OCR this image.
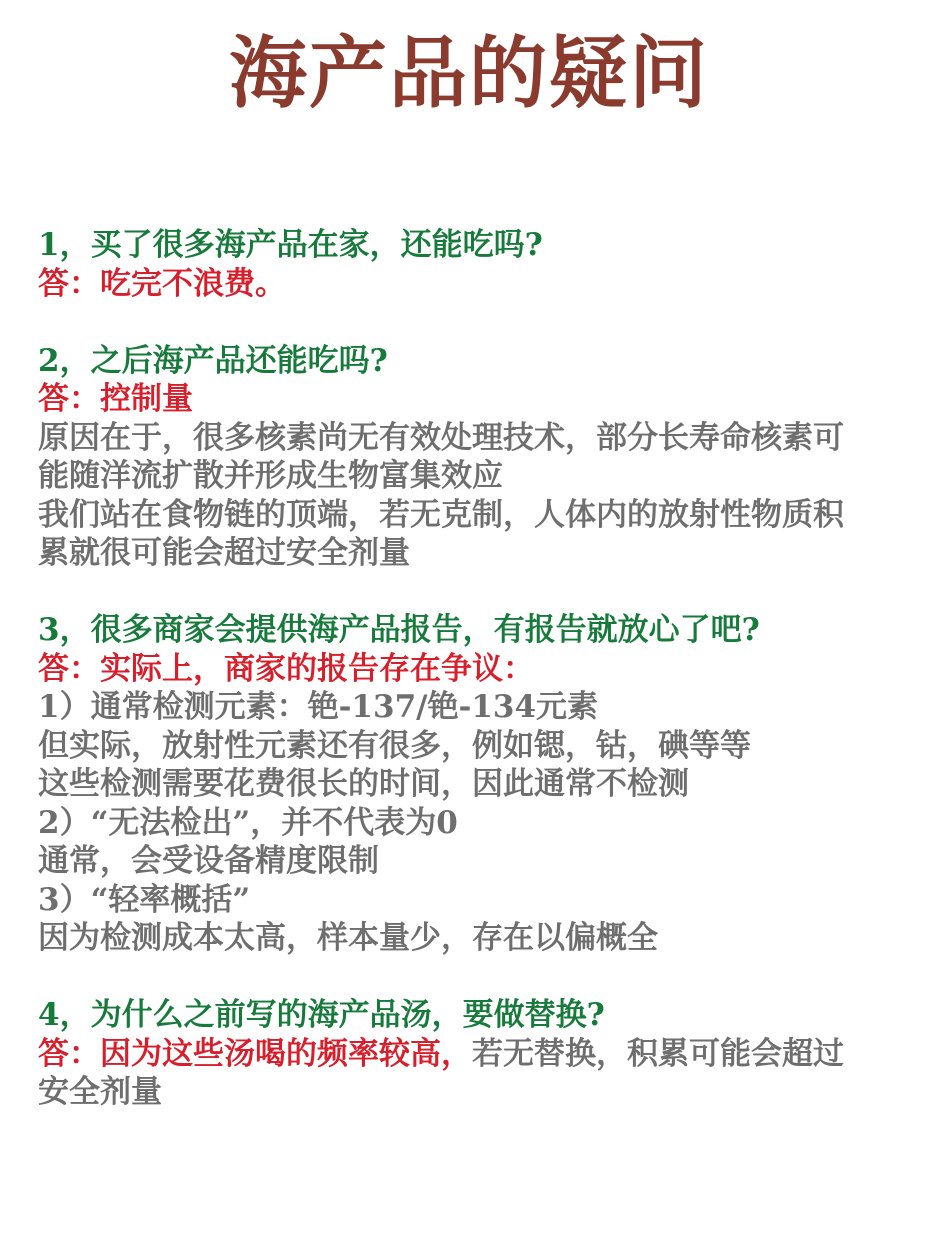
海产品的疑问
1，买了很多海产品在家，还能吃吗?
答：吃完不浪费。
2，之后海产品还能吃吗?
答：控制量
原因在于，很多核素尚无有效处理技术，部分长寿命核素可
能随洋流扩散并形成生物富集效应
我们站在食物链的顶端，若无克制，人体内的放射性物质积
累就很可能会超过安全剂量
3，很多商家会提供海产品报告，有报告就放心了吧?
答：实际上，商家的报告存在争议：
1）通常检测元素：铯-137/铯-134元素
但实际，放射性元素还有很多，例如锶，钴，碘等等
这些检测需要花费很长的时间，因此通常不检测
2）“无法检出”，并不代表为0
通常，会受设备精度限制
3）“轻率概括”
因为检测成本太高，样本量少，存在以偏概全
4，为什么之前写的海产品汤，要做替换?
答：因为这些汤喝的频率较高，若无替换，积累可能会超过
安全剂量
